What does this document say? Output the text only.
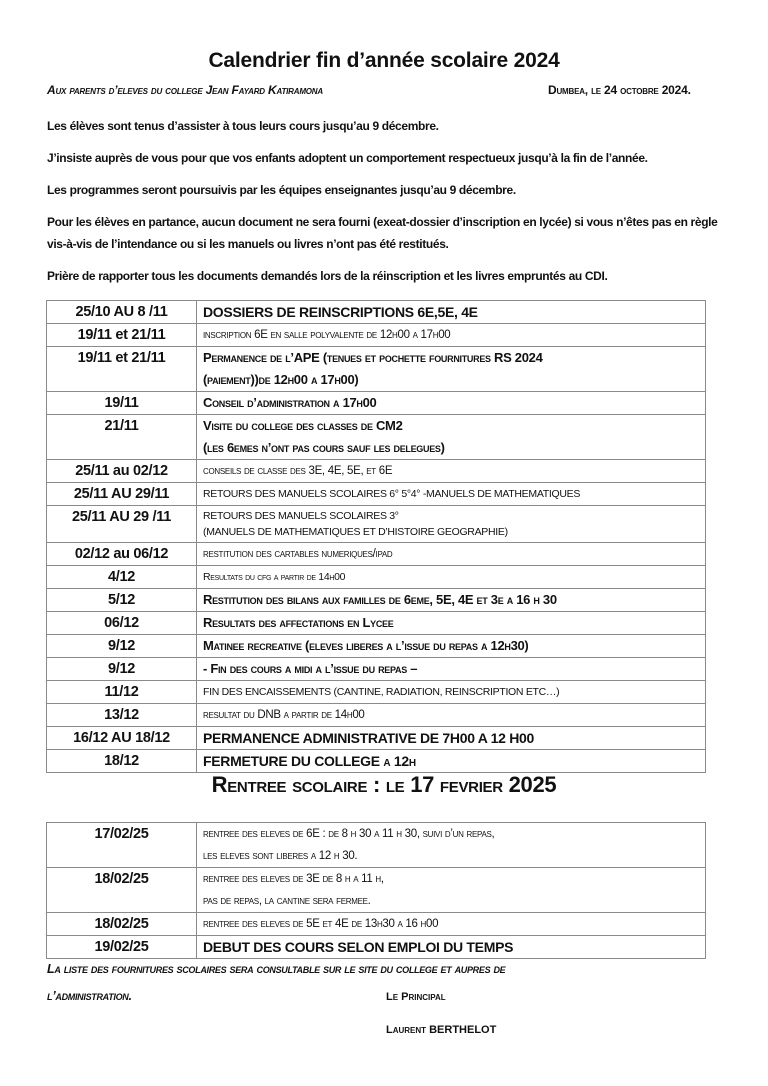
Calendrier fin d’année scolaire 2024
Aux parents d’eleves du college Jean Fayard Katiramona	Dumbea, le 24 octobre 2024.
Les élèves sont tenus d’assister à tous leurs cours jusqu’au 9 décembre.
J’insiste auprès de vous pour que vos enfants adoptent un comportement respectueux jusqu’à la fin de l’année.
Les programmes seront poursuivis par les équipes enseignantes jusqu’au 9 décembre.
Pour les élèves en partance, aucun document ne sera fourni (exeat-dossier d’inscription en lycée) si vous n’êtes pas en règle vis-à-vis de l’intendance ou si les manuels ou livres n’ont pas été restitués.
Prière de rapporter tous les documents demandés lors de la réinscription et les livres empruntés au CDI.
25/10 AU 8 /11	DOSSIERS DE REINSCRIPTIONS 6E,5E, 4E
19/11 et 21/11	inscription 6E en salle polyvalente de 12h00 a 17h00
19/11 et 21/11	Permanence de l’APE (tenues et pochette fournitures RS 2024
(paiement))de 12h00 a 17h00)

19/11	Conseil d’administration a 17h00
21/11	Visite du college des classes de CM2
(les 6emes n’ont pas cours sauf les delegues)

25/11 au 02/12	conseils de classe des 3E, 4E, 5E, et 6E
25/11 AU 29/11	RETOURS DES MANUELS SCOLAIRES 6° 5°4° -MANUELS DE MATHEMATIQUES
25/11 AU 29 /11	RETOURS DES MANUELS SCOLAIRES 3°
(MANUELS DE MATHEMATIQUES ET D’HISTOIRE GEOGRAPHIE)

02/12 au 06/12	restitution des cartables numeriques/ipad
4/12	Resultats du cfg a partir de 14h00
5/12	Restitution des bilans aux familles de 6eme, 5E, 4E et 3e a 16 h 30
06/12	Resultats des affectations en Lycee
9/12	Matinee recreative (eleves liberes a l’issue du repas a 12h30)
9/12	- Fin des cours a midi a l’issue du repas –
11/12	FIN DES ENCAISSEMENTS (CANTINE, RADIATION, REINSCRIPTION ETC…)
13/12	resultat du DNB a partir de 14h00
16/12 AU 18/12	PERMANENCE ADMINISTRATIVE DE 7H00 A 12 H00
18/12	FERMETURE DU COLLEGE a 12h
Rentree scolaire : le 17 fevrier 2025
17/02/25	rentree des eleves de 6E : de 8 h 30 a 11 h 30, suivi d’un repas,
les eleves sont liberes a 12 h 30.

18/02/25	rentree des eleves de 3E de 8 h a 11 h,
pas de repas, la cantine sera fermee.

18/02/25	rentree des eleves de 5E et 4E de 13h30 a 16 h00
19/02/25	DEBUT DES COURS SELON EMPLOI DU TEMPS
La liste des fournitures scolaires sera consultable sur le site du college et aupres de
l’administration.	Le Principal
Laurent BERTHELOT
